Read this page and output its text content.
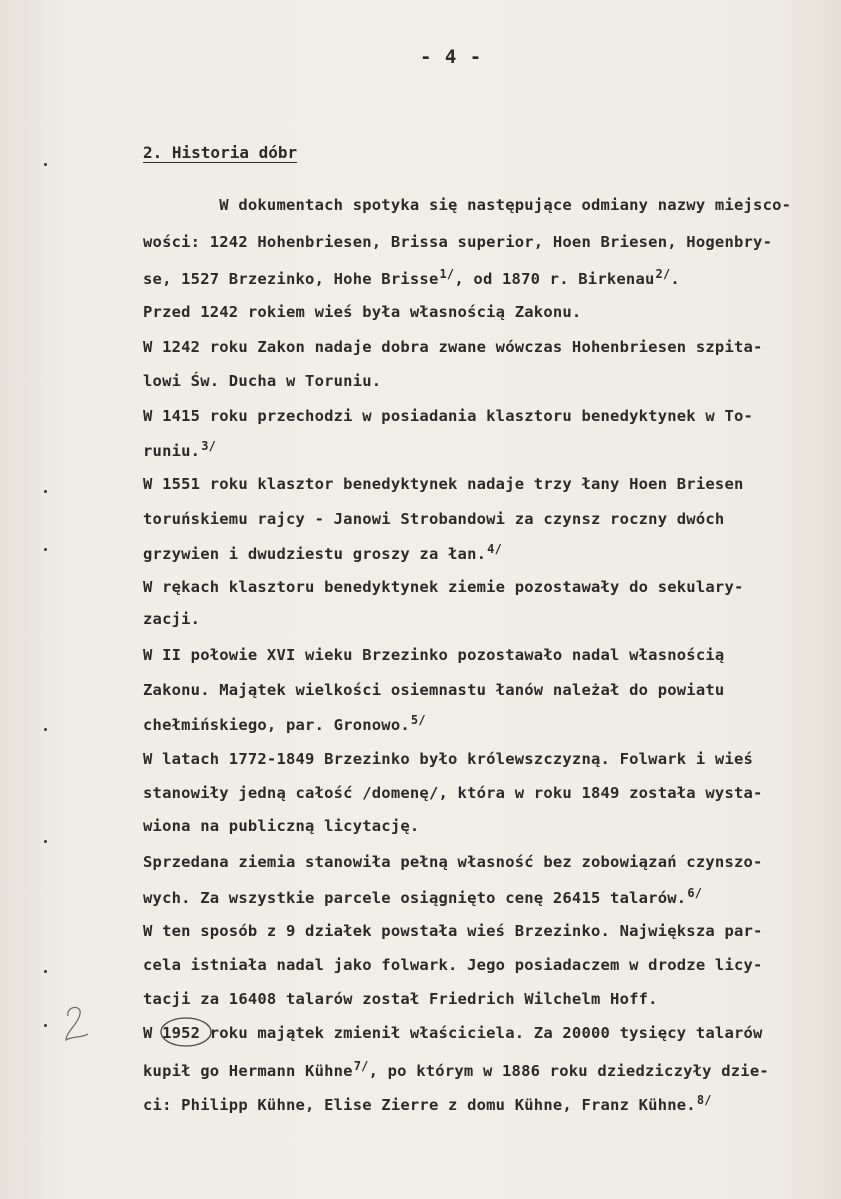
- 4 -
2. Historia dóbr
W dokumentach spotyka się następujące odmiany nazwy miejsco-
wości: 1242 Hohenbriesen, Brissa superior, Hoen Briesen, Hogenbry-
se, 1527 Brzezinko, Hohe Brisse$^{1/}$, od 1870 r. Birkenau$^{2/}$.
Przed 1242 rokiem wieś była własnością Zakonu.
W 1242 roku Zakon nadaje dobra zwane wówczas Hohenbriesen szpita-
lowi Św. Ducha w Toruniu.
W 1415 roku przechodzi w posiadania klasztoru benedyktynek w To-
runiu.$^{3/}$
W 1551 roku klasztor benedyktynek nadaje trzy łany Hoen Briesen
toruńskiemu rajcy - Janowi Strobandowi za czynsz roczny dwóch
grzywien i dwudziestu groszy za łan.$^{4/}$
W rękach klasztoru benedyktynek ziemie pozostawały do sekulary-
zacji.
W II połowie XVI wieku Brzezinko pozostawało nadal własnością
Zakonu. Majątek wielkości osiemnastu łanów należał do powiatu
chełmińskiego, par. Gronowo.$^{5/}$
W latach 1772-1849 Brzezinko było królewszczyzną. Folwark i wieś
stanowiły jedną całość /domenę/, która w roku 1849 została wysta-
wiona na publiczną licytację.
Sprzedana ziemia stanowiła pełną własność bez zobowiązań czynszo-
wych. Za wszystkie parcele osiągnięto cenę 26415 talarów.$^{6/}$
W ten sposób z 9 działek powstała wieś Brzezinko. Największa par-
cela istniała nadal jako folwark. Jego posiadaczem w drodze licy-
tacji za 16408 talarów został Friedrich Wilchelm Hoff.
W 1952 roku majątek zmienił właściciela. Za 20000 tysięcy talarów
kupił go Hermann Kühne$^{7/}$, po którym w 1886 roku dziedziczyły dzie-
ci: Philipp Kühne, Elise Zierre z domu Kühne, Franz Kühne.$^{8/}$
